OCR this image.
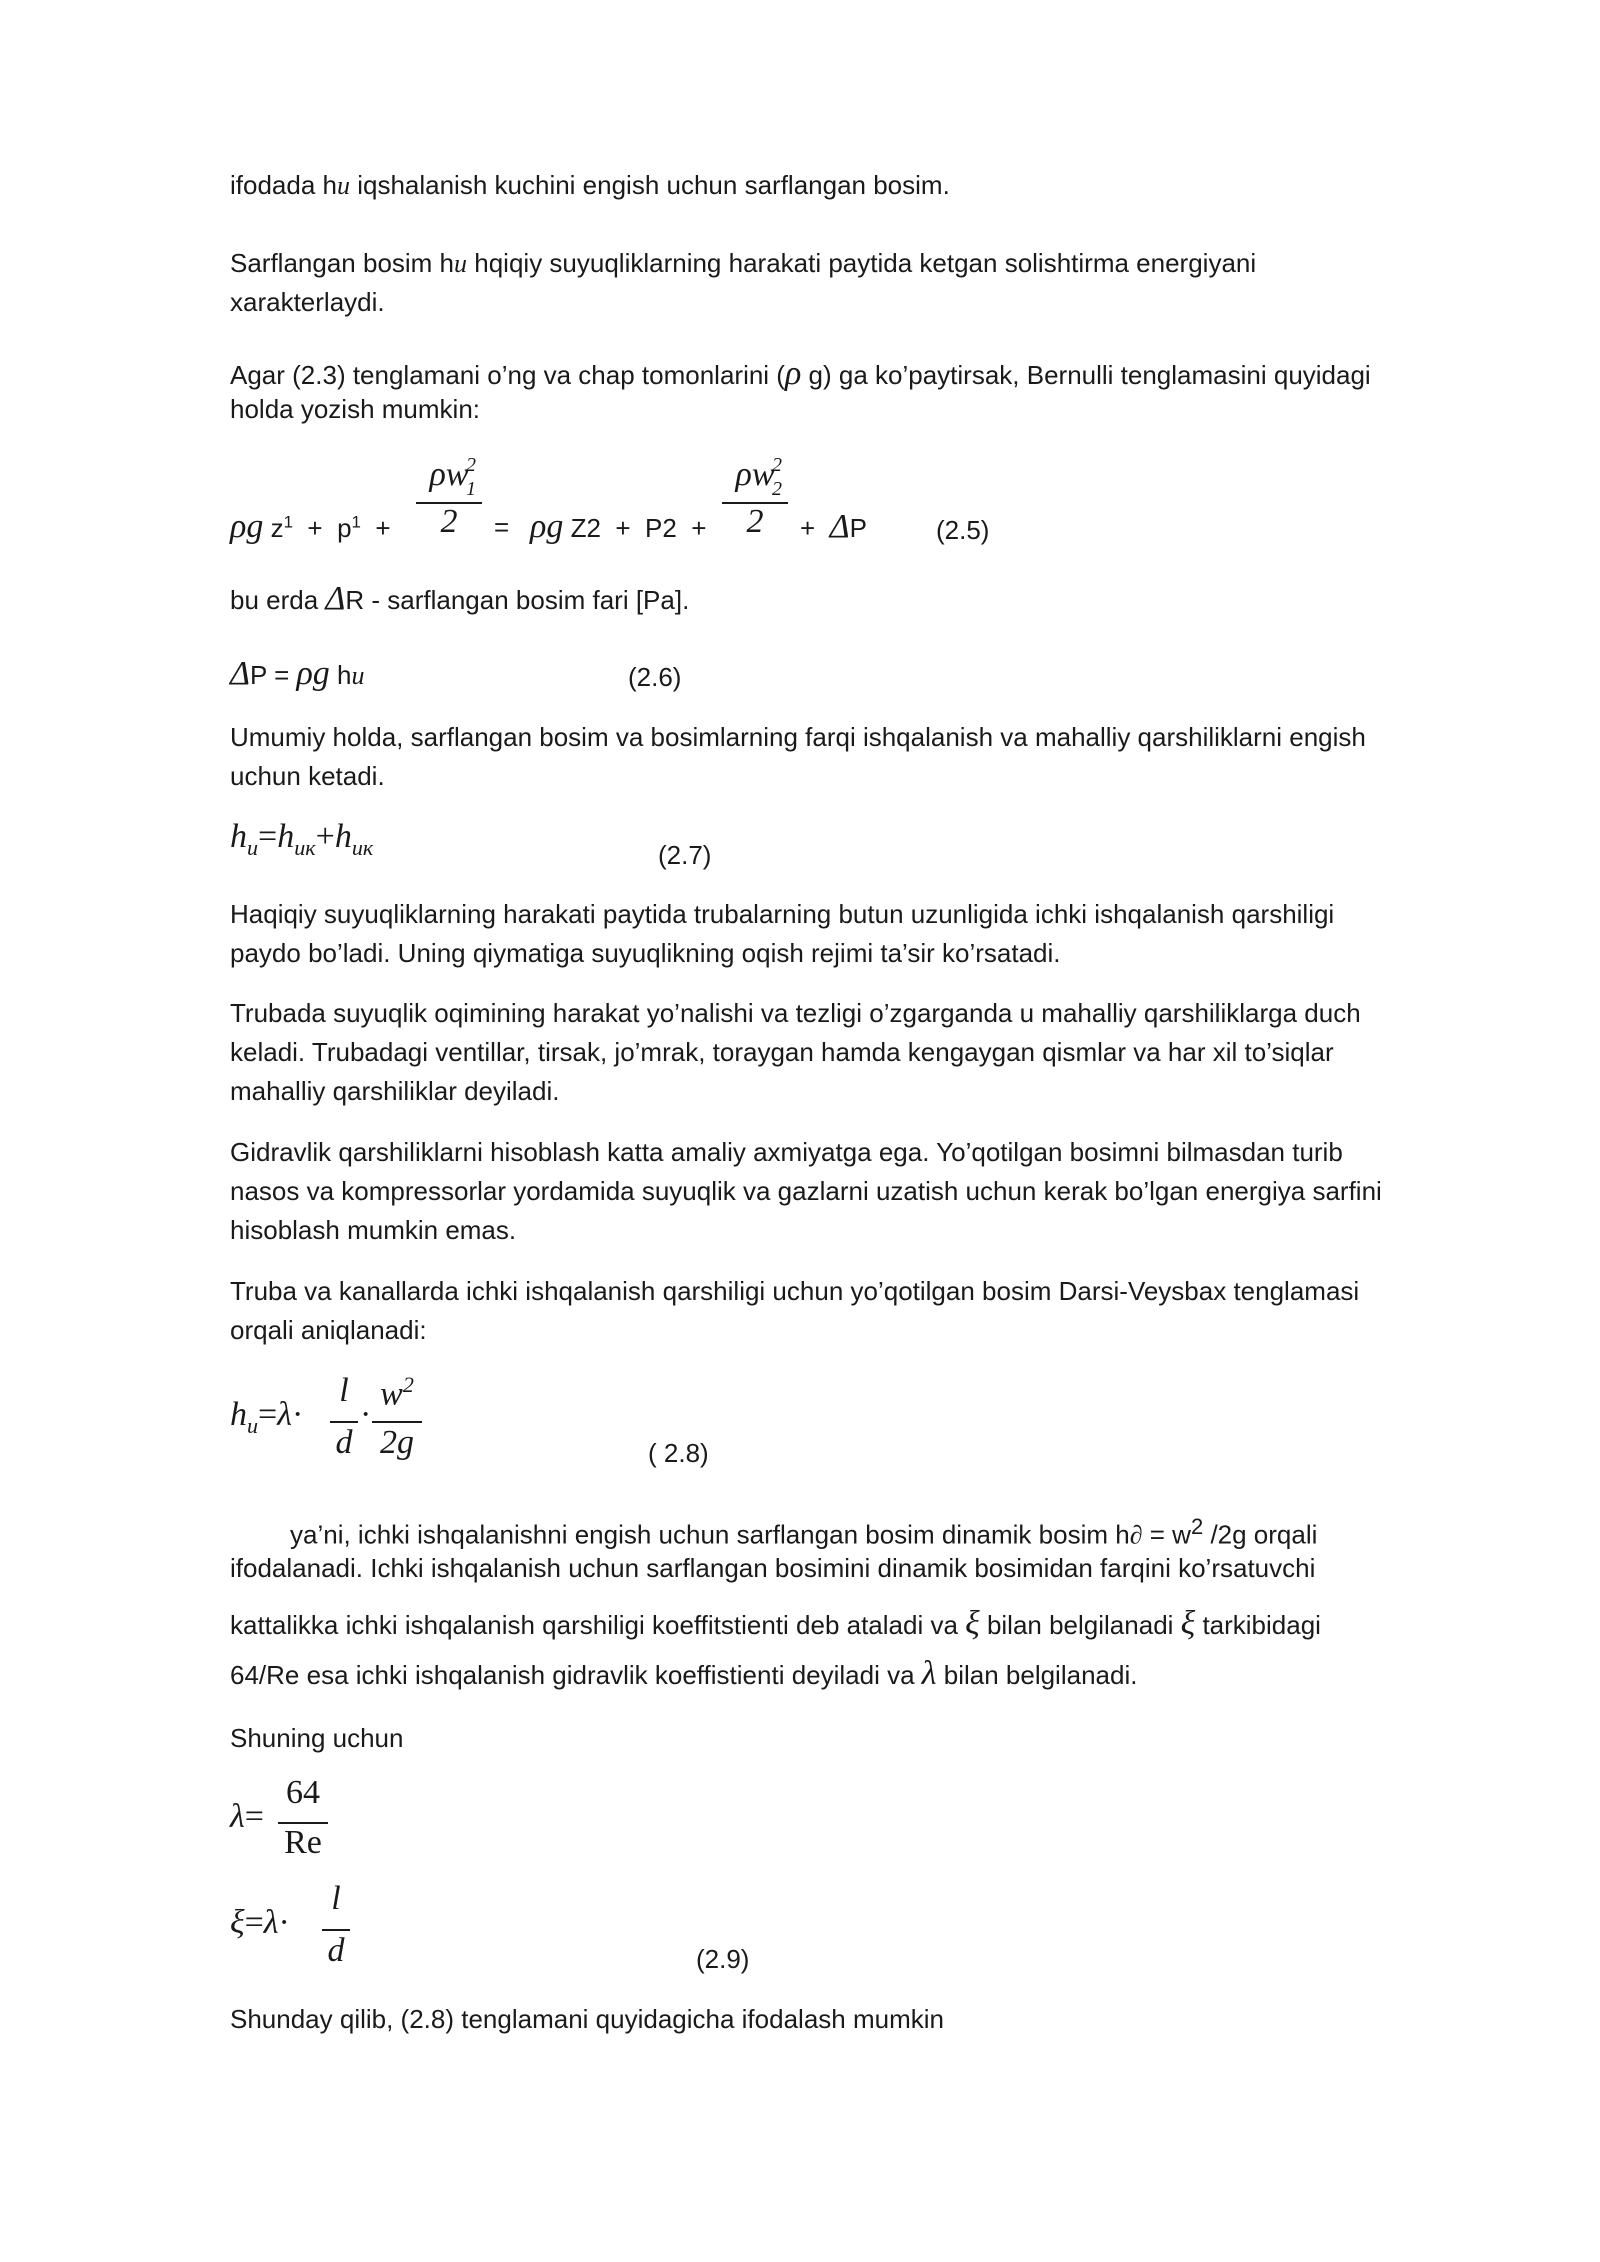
ifodada hu iqshalanish kuchini engish uchun sarflangan bosim.
Sarflangan bosim hu hqiqiy suyuqliklarning harakati paytida ketgan solishtirma energiyani
xarakterlaydi.
Agar (2.3) tenglamani o’ng va chap tomonlarini (ρ g) ga ko’paytirsak, Bernulli tenglamasini quyidagi
holda yozish mumkin:
ρg $z^1 + p^1$ +
ρw
2
1
2	= ρg Z2 + P2 +
ρw
2
2
2	+ ΔP	(2.5)
bu erda ΔR - sarflangan bosim fari [Pa].
ΔP = ρg hu	(2.6)
Umumiy holda, sarflangan bosim va bosimlarning farqi ishqalanish va mahalliy qarshiliklarni engish
uchun ketadi.
$h_u=h_{ик}+h_{ик}$	(2.7)
Haqiqiy suyuqliklarning harakati paytida trubalarning butun uzunligida ichki ishqalanish qarshiligi
paydo bo’ladi. Uning qiymatiga suyuqlikning oqish rejimi ta’sir ko’rsatadi.
Trubada suyuqlik oqimining harakat yo’nalishi va tezligi o’zgarganda u mahalliy qarshiliklarga duch
keladi. Trubadagi ventillar, tirsak, jo’mrak, toraygan hamda kengaygan qismlar va har xil to’siqlar
mahalliy qarshiliklar deyiladi.
Gidravlik qarshiliklarni hisoblash katta amaliy axmiyatga ega. Yo’qotilgan bosimni bilmasdan turib
nasos va kompressorlar yordamida suyuqlik va gazlarni uzatish uchun kerak bo’lgan energiya sarfini
hisoblash mumkin emas.
Truba va kanallarda ichki ishqalanish qarshiligi uchun yo’qotilgan bosim Darsi-Veysbax tenglamasi
orqali aniqlanadi:
$h_u=\lambda\cdot$
l
d
·
$w^2$
2g	( 2.8)
ya’ni, ichki ishqalanishni engish uchun sarflangan bosim dinamik bosim $h\partial = w^2$ /2g orqali
ifodalanadi. Ichki ishqalanish uchun sarflangan bosimini dinamik bosimidan farqini ko’rsatuvchi
kattalikka ichki ishqalanish qarshiligi koeffitstienti deb ataladi va ξ bilan belgilanadi ξ tarkibidagi
64/Re esa ichki ishqalanish gidravlik koeffistienti deyiladi va λ bilan belgilanadi.
Shuning uchun
λ=
64
Re
ξ=λ·
l
d	(2.9)
Shunday qilib, (2.8) tenglamani quyidagicha ifodalash mumkin
